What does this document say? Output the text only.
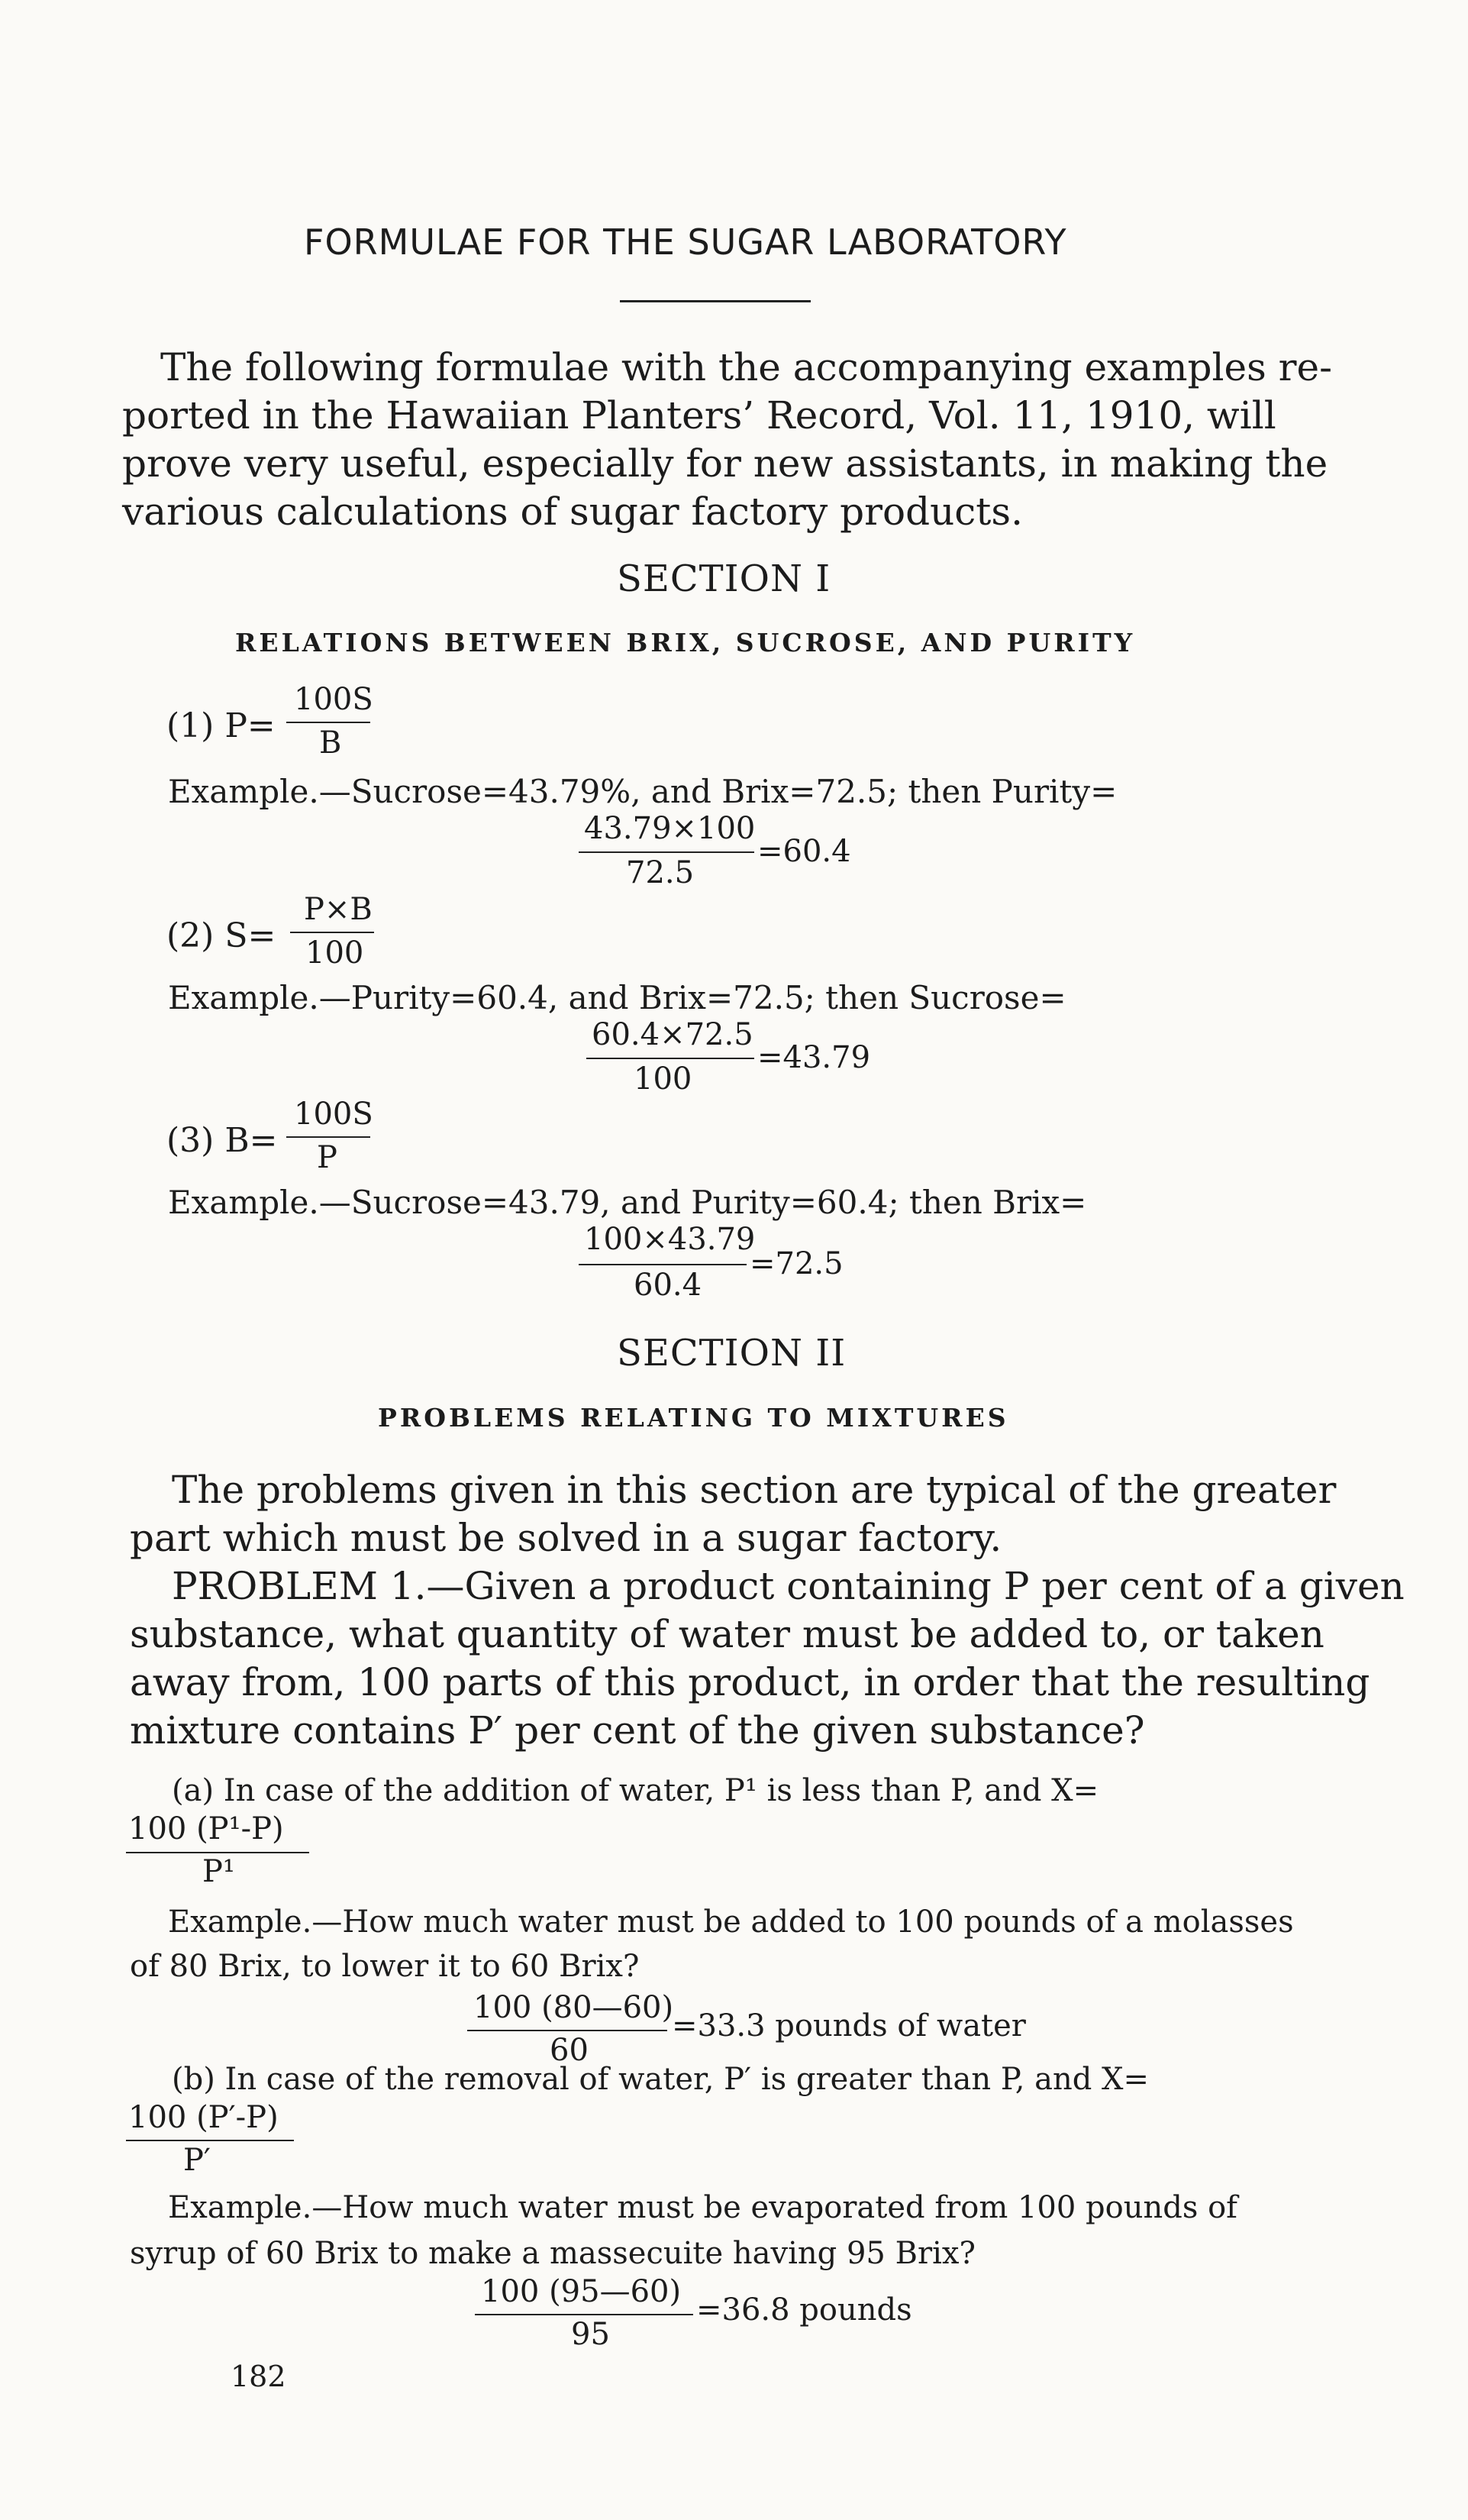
FORMULAE FOR THE SUGAR LABORATORY
The following formulae with the accompanying examples re-
ported in the Hawaiian Planters’ Record, Vol. 11, 1910, will
prove very useful, especially for new assistants, in making the
various calculations of sugar factory products.
SECTION I
RELATIONS BETWEEN BRIX, SUCROSE, AND PURITY
(1) P=
100S
B
Example.—Sucrose=43.79%, and Brix=72.5; then Purity=
43.79×100
72.5
=60.4
(2) S=
P×B
100
Example.—Purity=60.4, and Brix=72.5; then Sucrose=
60.4×72.5
100
=43.79
(3) B=
100S
P
Example.—Sucrose=43.79, and Purity=60.4; then Brix=
100×43.79
60.4
=72.5
SECTION II
PROBLEMS RELATING TO MIXTURES
The problems given in this section are typical of the greater
part which must be solved in a sugar factory.
PROBLEM 1.—Given a product containing P per cent of a given
substance, what quantity of water must be added to, or taken
away from, 100 parts of this product, in order that the resulting
mixture contains P′ per cent of the given substance?
(a) In case of the addition of water, P¹ is less than P, and X=
100 (P¹-P)
P¹
Example.—How much water must be added to 100 pounds of a molasses
of 80 Brix, to lower it to 60 Brix?
100 (80—60)
60
=33.3 pounds of water
(b) In case of the removal of water, P′ is greater than P, and X=
100 (P′-P)
P′
Example.—How much water must be evaporated from 100 pounds of
syrup of 60 Brix to make a massecuite having 95 Brix?
100 (95—60)
95
=36.8 pounds
182
